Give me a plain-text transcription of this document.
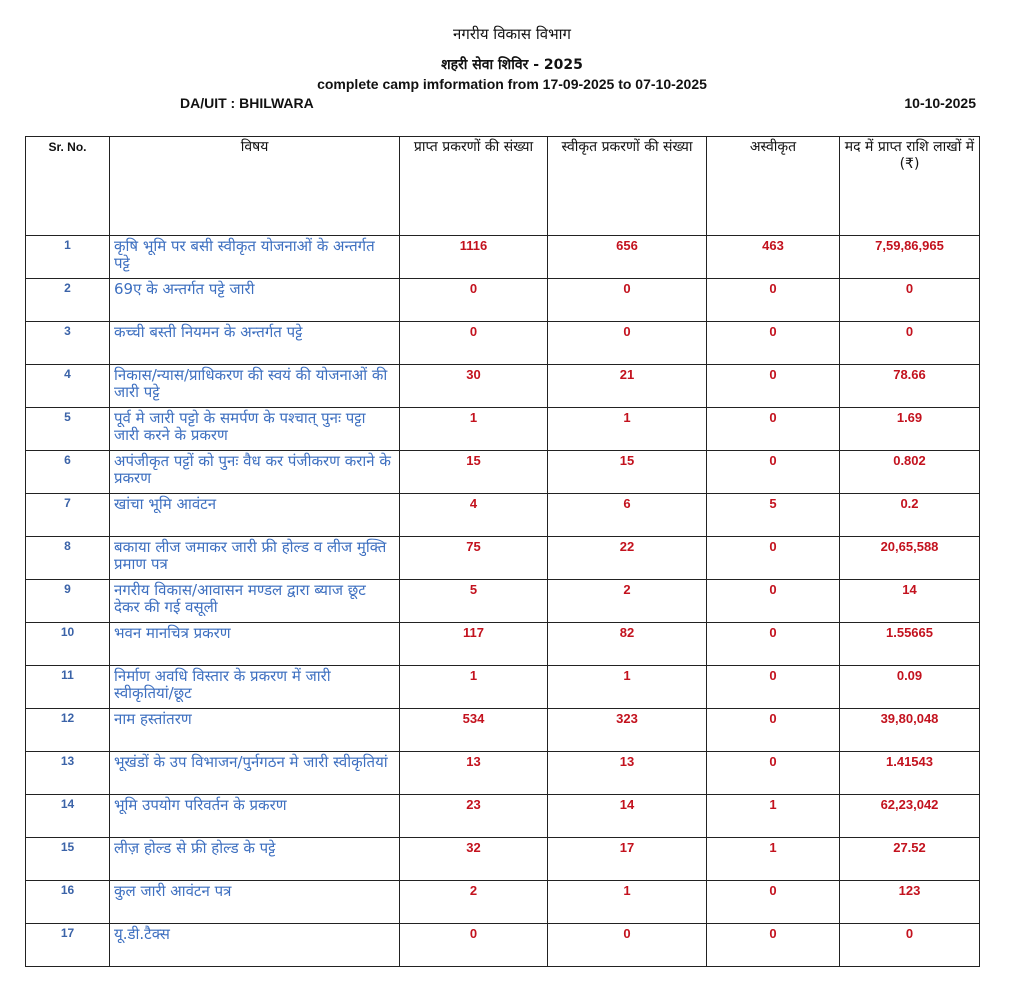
नगरीय विकास विभाग
शहरी सेवा शिविर - 2025
complete camp imformation from 17-09-2025 to 07-10-2025
DA/UIT : BHILWARA	10-10-2025
Sr. No.	विषय	प्राप्त प्रकरणों की संख्या	स्वीकृत प्रकरणों की संख्या	अस्वीकृत	मद में प्राप्त राशि लाखों में (₹)
1	कृषि भूमि पर बसी स्वीकृत योजनाओं के अन्तर्गत पट्टे	1116	656	463	7,59,86,965
2	69ए के अन्तर्गत पट्टे जारी	0	0	0	0
3	कच्ची बस्ती नियमन के अन्तर्गत पट्टे	0	0	0	0
4	निकास/न्यास/प्राधिकरण की स्वयं की योजनाओं की जारी पट्टे	30	21	0	78.66
5	पूर्व मे जारी पट्टो के समर्पण के पश्चात् पुनः पट्टा जारी करने के प्रकरण	1	1	0	1.69
6	अपंजीकृत पट्टों को पुनः वैध कर पंजीकरण कराने के प्रकरण	15	15	0	0.802
7	खांचा भूमि आवंटन	4	6	5	0.2
8	बकाया लीज जमाकर जारी फ्री होल्ड व लीज मुक्ति प्रमाण पत्र	75	22	0	20,65,588
9	नगरीय विकास/आवासन मण्डल द्वारा ब्याज छूट देकर की गई वसूली	5	2	0	14
10	भवन मानचित्र प्रकरण	117	82	0	1.55665
11	निर्माण अवधि विस्तार के प्रकरण में जारी स्वीकृतियां/छूट	1	1	0	0.09
12	नाम हस्तांतरण	534	323	0	39,80,048
13	भूखंडों के उप विभाजन/पुर्नगठन मे जारी स्वीकृतियां	13	13	0	1.41543
14	भूमि उपयोग परिवर्तन के प्रकरण	23	14	1	62,23,042
15	लीज़ होल्ड से फ्री होल्ड के पट्टे	32	17	1	27.52
16	कुल जारी आवंटन पत्र	2	1	0	123
17	यू.डी.टैक्स	0	0	0	0
